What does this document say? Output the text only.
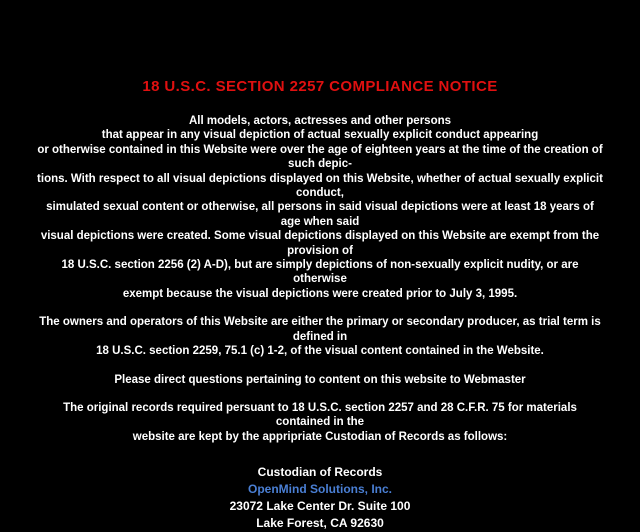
18 U.S.C. SECTION 2257 COMPLIANCE NOTICE
All models, actors, actresses and other persons
that appear in any visual depiction of actual sexually explicit conduct appearing
or otherwise contained in this Website were over the age of eighteen years at the time of the creation of such depic-
tions. With respect to all visual depictions displayed on this Website, whether of actual sexually explicit conduct,
simulated sexual content or otherwise, all persons in said visual depictions were at least 18 years of age when said
visual depictions were created. Some visual depictions displayed on this Website are exempt from the provision of
18 U.S.C. section 2256 (2) A-D), but are simply depictions of non-sexually explicit nudity, or are otherwise
exempt because the visual depictions were created prior to July 3, 1995.
The owners and operators of this Website are either the primary or secondary producer, as trial term is defined in
18 U.S.C. section 2259, 75.1 (c) 1-2, of the visual content contained in the Website.
Please direct questions pertaining to content on this website to Webmaster
The original records required persuant to 18 U.S.C. section 2257 and 28 C.F.R. 75 for materials contained in the
website are kept by the appripriate Custodian of Records as follows:
Custodian of Records
OpenMind Solutions, Inc.
23072 Lake Center Dr. Suite 100
Lake Forest, CA 92630
